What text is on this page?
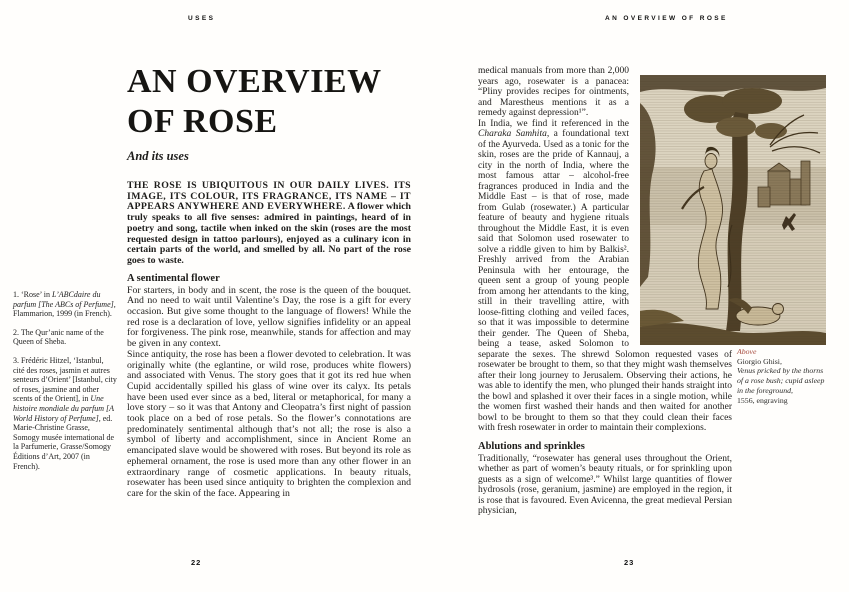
USES	AN OVERVIEW OF ROSE
AN OVERVIEW
OF ROSE
And its uses

THE ROSE IS UBIQUITOUS IN OUR DAILY LIVES. ITS IMAGE, ITS COLOUR, ITS FRAGRANCE, ITS NAME – IT APPEARS ANYWHERE AND EVERYWHERE. A flower which truly speaks to all five senses: admired in paintings, heard of in poetry and song, tactile when inked on the skin (roses are the most requested design in tattoo parlours), enjoyed as a culinary icon in certain parts of the world, and smelled by all. No part of the rose goes to waste.

A sentimental flower

For starters, in body and in scent, the rose is the queen of the bouquet. And no need to wait until Valentine’s Day, the rose is a gift for every occasion. But give some thought to the language of flowers! While the red rose is a declaration of love, yellow signifies infidelity or an appeal for forgiveness. The pink rose, meanwhile, stands for affection and may be given in any context.

Since antiquity, the rose has been a flower devoted to celebration. It was originally white (the eglantine, or wild rose, produces white flowers) and associated with Venus. The story goes that it got its red hue when Cupid accidentally spilled his glass of wine over its calyx. Its petals have been used ever since as a bed, literal or metaphorical, for many a love story – so it was that Antony and Cleopatra’s first night of passion took place on a bed of rose petals. So the flower’s connotations are predominately sentimental although that’s not all; the rose is also a symbol of liberty and accomplishment, since in Ancient Rome an emancipated slave would be showered with roses. But beyond its role as ephemeral ornament, the rose is used more than any other flower in an extraordinary range of cosmetic applications. In beauty rituals, rosewater has been used since antiquity to brighten the complexion and care for the skin of the face. Appearing in

1. ‘Rose’ in L’ABCdaire du parfum [The ABCs of Perfume], Flammarion, 1999 (in French).
2. The Qur’anic name of the Queen of Sheba.
3. Frédéric Hitzel, ‘Istanbul, cité des roses, jasmin et autres senteurs d’Orient’ [Istanbul, city of roses, jasmine and other scents of the Orient], in Une histoire mondiale du parfum [A World History of Perfume], ed. Marie-Christine Grasse, Somogy musée international de la Parfumerie, Grasse/Somogy Éditions d’Art, 2007 (in French).

medical manuals from more than 2,000 years ago, rosewater is a panacea: “Pliny provides recipes for ointments, and Marestheus mentions it as a remedy against depression¹”.

In India, we find it referenced in the Charaka Samhita, a foundational text of the Ayurveda. Used as a tonic for the skin, roses are the pride of Kannauj, a city in the north of India, where the most famous attar – alcohol-free fragrances produced in India and the Middle East – is that of rose, made from Gulab (rosewater.) A particular feature of beauty and hygiene rituals throughout the Middle East, it is even said that Solomon used rosewater to solve a riddle given to him by Balkis². Freshly arrived from the Arabian Peninsula with her entourage, the queen sent a group of young people from among her attendants to the king, still in their travelling attire, with loose-fitting clothing and veiled faces, so that it was impossible to determine their gender. The Queen of Sheba, being a tease, asked Solomon to separate the sexes. The shrewd Solomon requested vases of rosewater be brought to them, so that they might wash themselves after their long journey to Jerusalem. Observing their actions, he was able to identify the men, who plunged their hands straight into the bowl and splashed it over their faces in a single motion, while the women first washed their hands and then waited for another bowl to be brought to them so that they could clean their faces with fresh rosewater in order to maintain their complexions.

Ablutions and sprinkles

Traditionally, “rosewater has general uses throughout the Orient, whether as part of women’s beauty rituals, or for sprinkling upon guests as a sign of welcome³.” Whilst large quantities of flower hydrosols (rose, geranium, jasmine) are employed in the region, it is rose that is favoured. Even Avicenna, the great medieval Persian physician,

Above
Giorgio Ghisi,
Venus pricked by the thorns of a rose bush; cupid asleep in the foreground,
1556, engraving
22	23
